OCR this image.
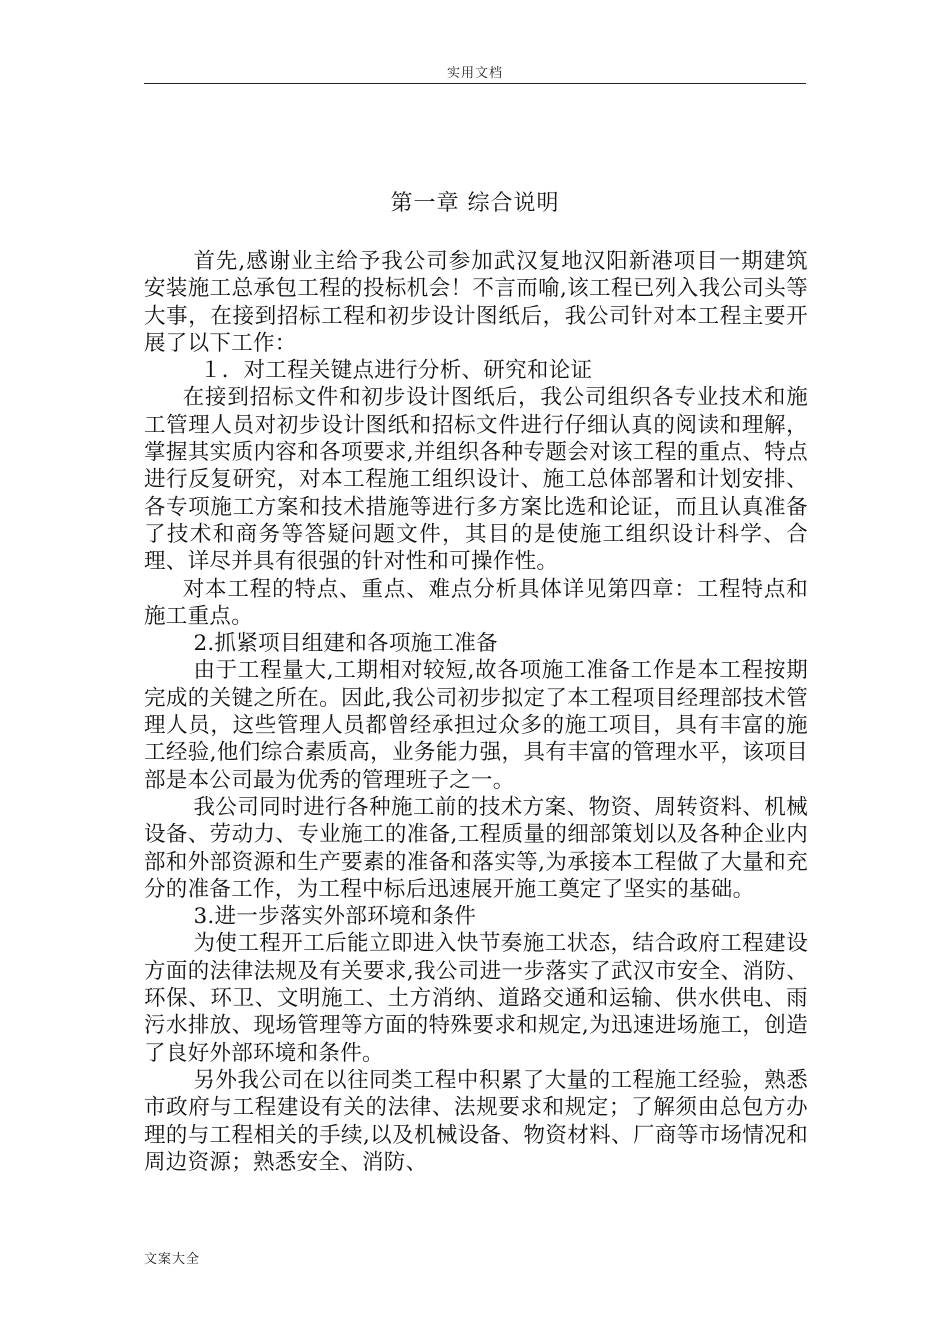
实用文档
第一章 综合说明

首先,感谢业主给予我公司参加武汉复地汉阳新港项目一期建筑安装施工总承包工程的投标机会！不言而喻,该工程已列入我公司头等大事，在接到招标工程和初步设计图纸后，我公司针对本工程主要开展了以下工作：

１．对工程关键点进行分析、研究和论证

在接到招标文件和初步设计图纸后，我公司组织各专业技术和施工管理人员对初步设计图纸和招标文件进行仔细认真的阅读和理解，掌握其实质内容和各项要求,并组织各种专题会对该工程的重点、特点进行反复研究，对本工程施工组织设计、施工总体部署和计划安排、各专项施工方案和技术措施等进行多方案比选和论证，而且认真准备了技术和商务等答疑问题文件，其目的是使施工组织设计科学、合理、详尽并具有很强的针对性和可操作性。

对本工程的特点、重点、难点分析具体详见第四章：工程特点和施工重点。

2.抓紧项目组建和各项施工准备

由于工程量大,工期相对较短,故各项施工准备工作是本工程按期完成的关键之所在。因此,我公司初步拟定了本工程项目经理部技术管理人员，这些管理人员都曾经承担过众多的施工项目，具有丰富的施工经验,他们综合素质高，业务能力强，具有丰富的管理水平，该项目部是本公司最为优秀的管理班子之一。

我公司同时进行各种施工前的技术方案、物资、周转资料、机械设备、劳动力、专业施工的准备,工程质量的细部策划以及各种企业内部和外部资源和生产要素的准备和落实等,为承接本工程做了大量和充分的准备工作，为工程中标后迅速展开施工奠定了坚实的基础。

3.进一步落实外部环境和条件

为使工程开工后能立即进入快节奏施工状态，结合政府工程建设方面的法律法规及有关要求,我公司进一步落实了武汉市安全、消防、环保、环卫、文明施工、土方消纳、道路交通和运输、供水供电、雨污水排放、现场管理等方面的特殊要求和规定,为迅速进场施工，创造了良好外部环境和条件。

另外我公司在以往同类工程中积累了大量的工程施工经验，熟悉市政府与工程建设有关的法律、法规要求和规定；了解须由总包方办理的与工程相关的手续,以及机械设备、物资材料、厂商等市场情况和周边资源；熟悉安全、消防、

文案大全
